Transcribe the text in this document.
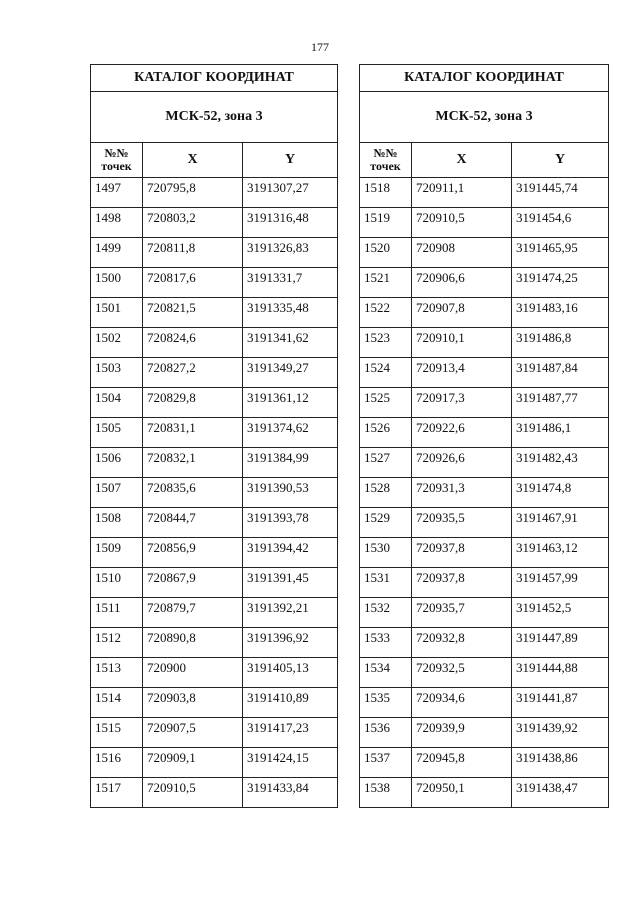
177
КАТАЛОГ КООРДИНАТ		
МСК-52, зона 3		

№№
точек	X	Y
1497	720795,8	3191307,27
1498	720803,2	3191316,48
1499	720811,8	3191326,83
1500	720817,6	3191331,7
1501	720821,5	3191335,48
1502	720824,6	3191341,62
1503	720827,2	3191349,27
1504	720829,8	3191361,12
1505	720831,1	3191374,62
1506	720832,1	3191384,99
1507	720835,6	3191390,53
1508	720844,7	3191393,78
1509	720856,9	3191394,42
1510	720867,9	3191391,45
1511	720879,7	3191392,21
1512	720890,8	3191396,92
1513	720900	3191405,13
1514	720903,8	3191410,89
1515	720907,5	3191417,23
1516	720909,1	3191424,15
1517	720910,5	3191433,84
КАТАЛОГ КООРДИНАТ		
МСК-52, зона 3		

№№
точек	X	Y
1518	720911,1	3191445,74
1519	720910,5	3191454,6
1520	720908	3191465,95
1521	720906,6	3191474,25
1522	720907,8	3191483,16
1523	720910,1	3191486,8
1524	720913,4	3191487,84
1525	720917,3	3191487,77
1526	720922,6	3191486,1
1527	720926,6	3191482,43
1528	720931,3	3191474,8
1529	720935,5	3191467,91
1530	720937,8	3191463,12
1531	720937,8	3191457,99
1532	720935,7	3191452,5
1533	720932,8	3191447,89
1534	720932,5	3191444,88
1535	720934,6	3191441,87
1536	720939,9	3191439,92
1537	720945,8	3191438,86
1538	720950,1	3191438,47
